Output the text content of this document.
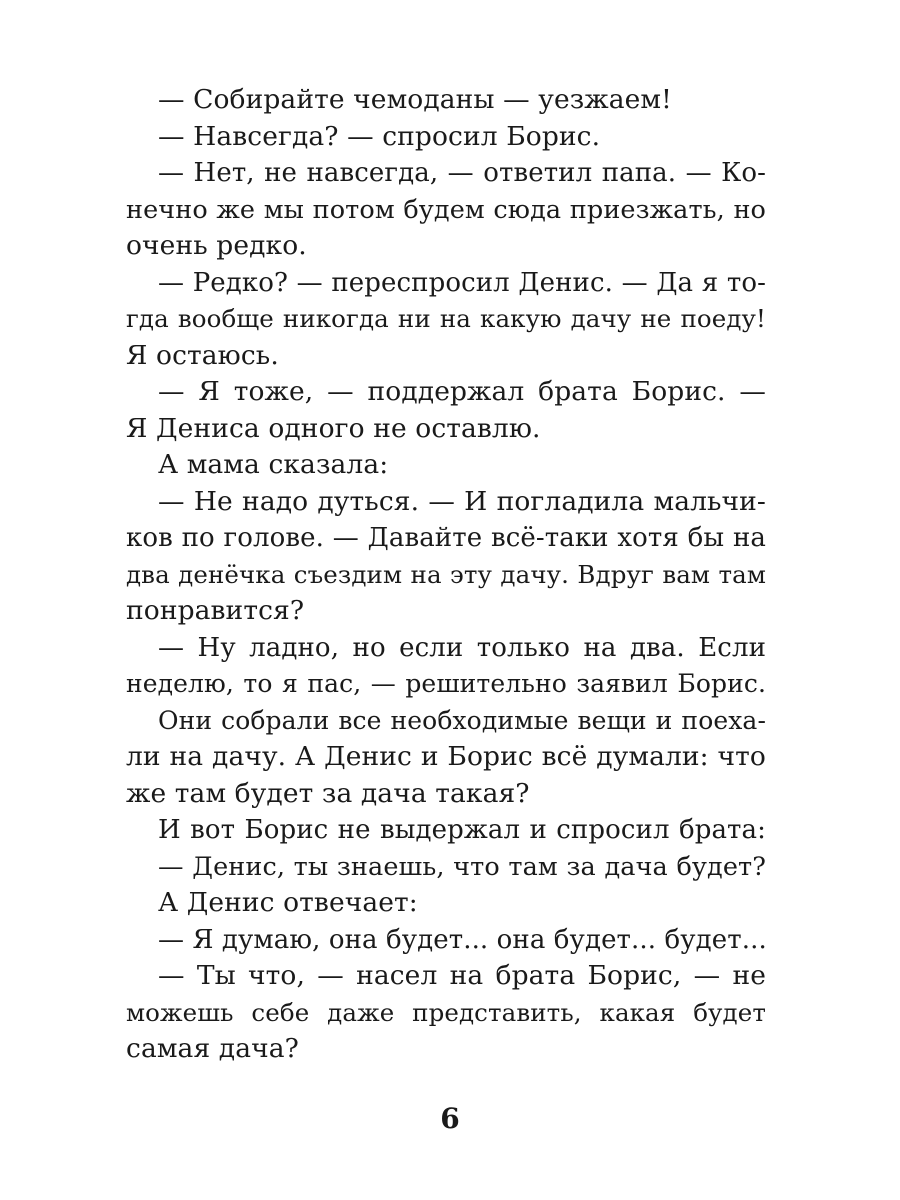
— Собирайте чемоданы — уезжаем!
— Навсегда? — спросил Борис.
— Нет, не навсегда, — ответил папа. — Ко-
нечно же мы потом будем сюда приезжать, но
очень редко.
— Редко? — переспросил Денис. — Да я то-
гда вообще никогда ни на какую дачу не поеду!
Я остаюсь.
— Я тоже, — поддержал брата Борис. —
Я Дениса одного не оставлю.
А мама сказала:
— Не надо дуться. — И погладила мальчи-
ков по голове. — Давайте всё-таки хотя бы на
два денёчка съездим на эту дачу. Вдруг вам там
понравится?
— Ну ладно, но если только на два. Если
неделю, то я пас, — решительно заявил Борис.
Они собрали все необходимые вещи и поеха-
ли на дачу. А Денис и Борис всё думали: что
же там будет за дача такая?
И вот Борис не выдержал и спросил брата:
— Денис, ты знаешь, что там за дача будет?
А Денис отвечает:
— Я думаю, она будет... она будет... будет...
— Ты что, — насел на брата Борис, — не
можешь себе даже представить, какая будет
самая дача?
6
